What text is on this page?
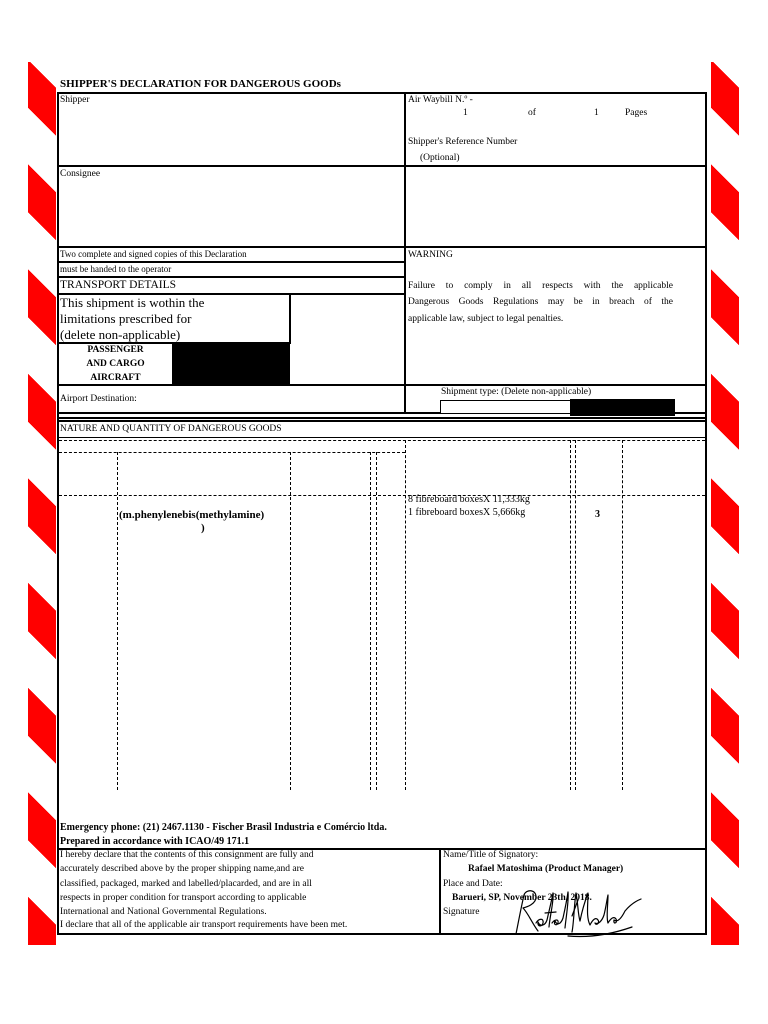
SHIPPER'S DECLARATION FOR DANGEROUS GOODs
Shipper	Air Waybill N.º -
1	of	1	Pages
Shipper's Reference Number
(Optional)
Consignee
Two complete and signed copies of this Declaration
must be handed to the operator
TRANSPORT DETAILS
This shipment is wothin the
limitations prescribed for
(delete non-applicable)
PASSENGER
AND CARGO
AIRCRAFT
Airport Destination:
WARNING
Failure to comply in all respects with the applicable
Dangerous Goods Regulations may be in breach of the
applicable law, subject to legal penalties.
Shipment type: (Delete non-applicable)
NATURE AND QUANTITY OF DANGEROUS GOODS
(m.phenylenebis(methylamine)
)
8 fibreboard boxesX 11,333kg
1 fibreboard boxesX 5,666kg	3
Emergency phone: (21) 2467.1130 - Fischer Brasil Industria e Comércio ltda.
Prepared in accordance with ICAO/49 171.1
I hereby declare that the contents of this consignment are fully and
accurately described above by the proper shipping name,and are
classified, packaged, marked and labelled/placarded, and are in all
respects in proper condition for transport according to applicable
International and National Governmental Regulations.
I declare that all of the applicable air transport requirements have been met.
Name/Title of Signatory:
Rafael Matoshima (Product Manager)
Place and Date:
Barueri, SP, November 23th, 2018.
Signature
